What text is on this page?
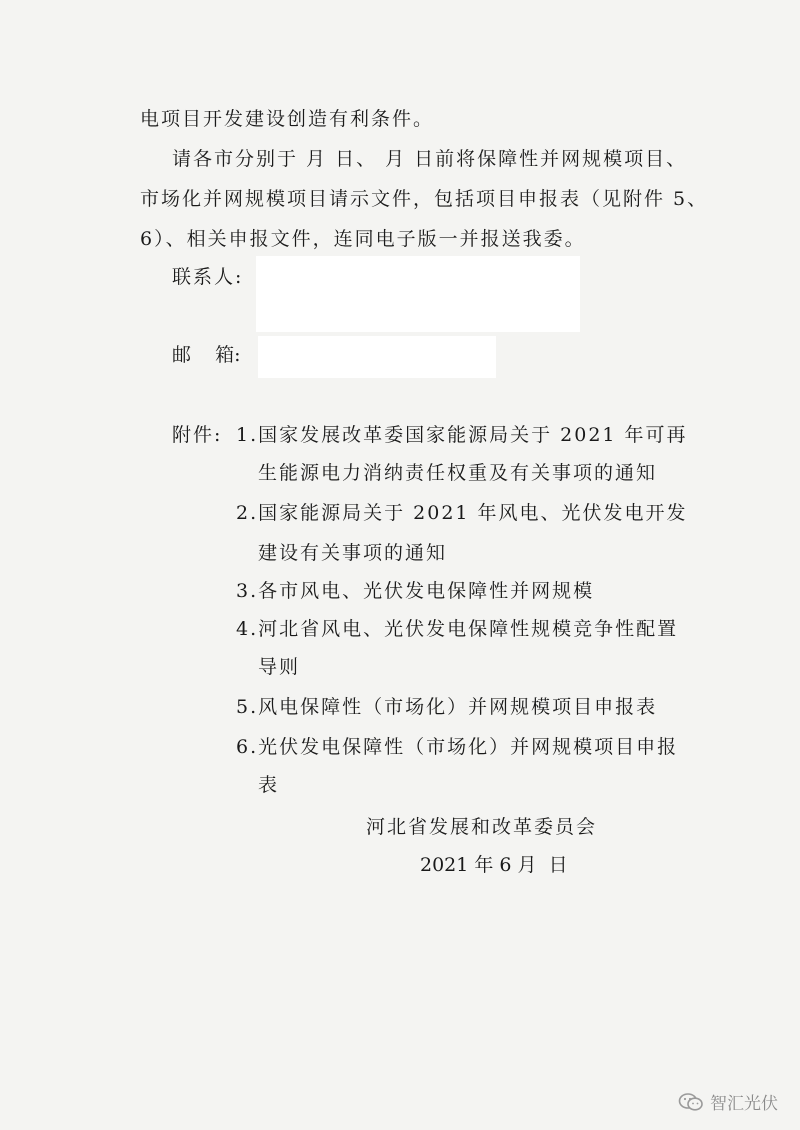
电项目开发建设创造有利条件。
请各市分别于 月 日、 月 日前将保障性并网规模项目、
市场化并网规模项目请示文件，包括项目申报表（见附件 5、
6）、相关申报文件，连同电子版一并报送我委。
联系人:
邮    箱:
附件: 1.国家发展改革委国家能源局关于 2021 年可再
生能源电力消纳责任权重及有关事项的通知
2.国家能源局关于 2021 年风电、光伏发电开发
建设有关事项的通知
3.各市风电、光伏发电保障性并网规模
4.河北省风电、光伏发电保障性规模竞争性配置
导则
5.风电保障性（市场化）并网规模项目申报表
6.光伏发电保障性（市场化）并网规模项目申报
表
河北省发展和改革委员会
2021 年 6 月  日
智汇光伏
